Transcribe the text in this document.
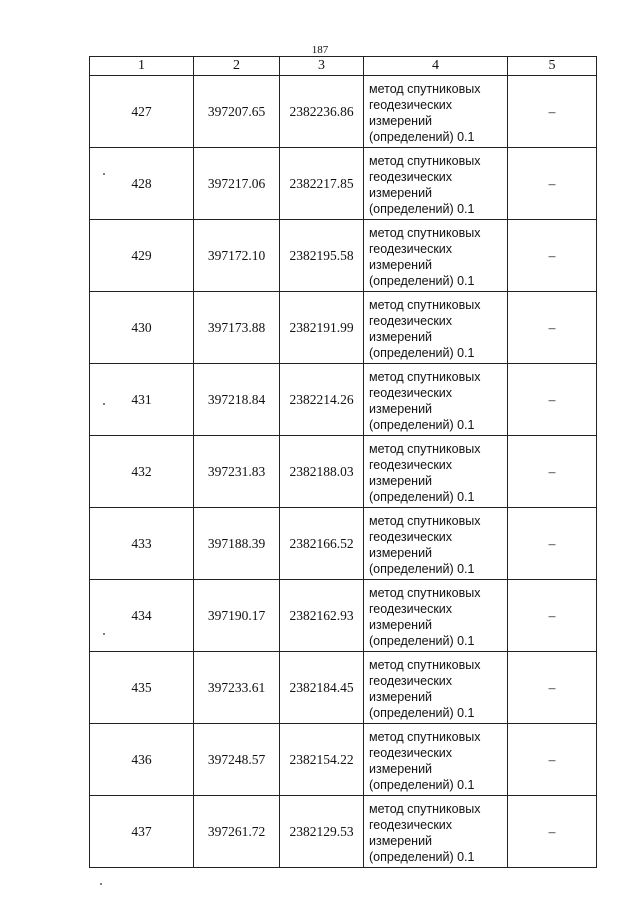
187
1	2	3	4	5
427	397207.65	2382236.86	метод спутниковых геодезических измерений (определений) 0.1	–
428	397217.06	2382217.85	метод спутниковых геодезических измерений (определений) 0.1	–
429	397172.10	2382195.58	метод спутниковых геодезических измерений (определений) 0.1	–
430	397173.88	2382191.99	метод спутниковых геодезических измерений (определений) 0.1	–
431	397218.84	2382214.26	метод спутниковых геодезических измерений (определений) 0.1	–
432	397231.83	2382188.03	метод спутниковых геодезических измерений (определений) 0.1	–
433	397188.39	2382166.52	метод спутниковых геодезических измерений (определений) 0.1	–
434	397190.17	2382162.93	метод спутниковых геодезических измерений (определений) 0.1	–
435	397233.61	2382184.45	метод спутниковых геодезических измерений (определений) 0.1	–
436	397248.57	2382154.22	метод спутниковых геодезических измерений (определений) 0.1	–
437	397261.72	2382129.53	метод спутниковых геодезических измерений (определений) 0.1	–
